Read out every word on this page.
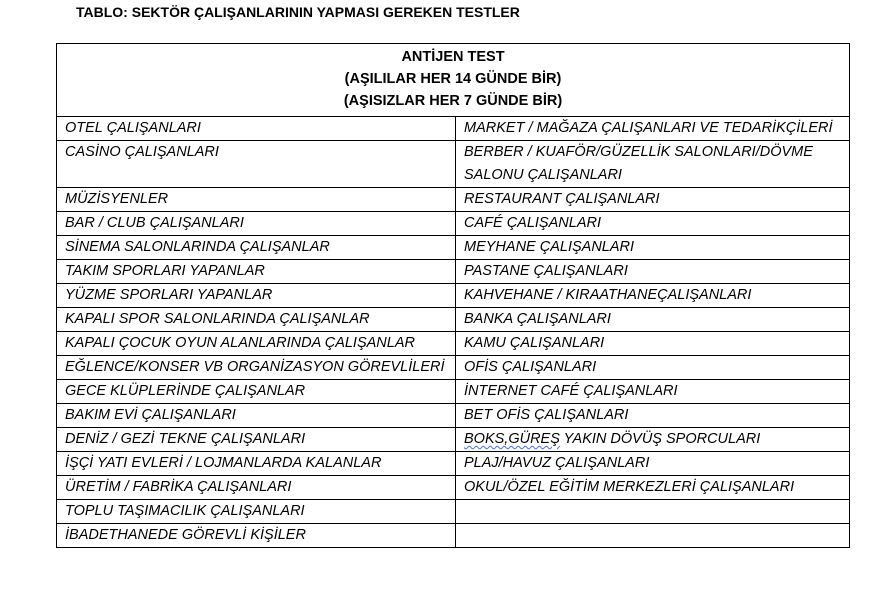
TABLO: SEKTÖR ÇALIŞANLARININ YAPMASI GEREKEN TESTLER
ANTİJEN TEST
(AŞILILAR HER 14 GÜNDE BİR)
(AŞISIZLAR HER 7 GÜNDE BİR)	

OTEL ÇALIŞANLARI	MARKET / MAĞAZA ÇALIŞANLARI VE TEDARİKÇİLERİ
CASİNO ÇALIŞANLARI	BERBER / KUAFÖR/GÜZELLİK SALONLARI/DÖVME SALONU ÇALIŞANLARI
MÜZİSYENLER	RESTAURANT ÇALIŞANLARI
BAR / CLUB ÇALIŞANLARI	CAFÉ ÇALIŞANLARI
SİNEMA SALONLARINDA ÇALIŞANLAR	MEYHANE ÇALIŞANLARI
TAKIM SPORLARI YAPANLAR	PASTANE ÇALIŞANLARI
YÜZME SPORLARI YAPANLAR	KAHVEHANE / KIRAATHANEÇALIŞANLARI
KAPALI SPOR SALONLARINDA ÇALIŞANLAR	BANKA ÇALIŞANLARI
KAPALI ÇOCUK OYUN ALANLARINDA ÇALIŞANLAR	KAMU ÇALIŞANLARI
EĞLENCE/KONSER VB ORGANİZASYON GÖREVLİLERİ	OFİS ÇALIŞANLARI
GECE KLÜPLERİNDE ÇALIŞANLAR	İNTERNET CAFÉ ÇALIŞANLARI
BAKIM EVİ ÇALIŞANLARI	BET OFİS ÇALIŞANLARI
DENİZ / GEZİ TEKNE ÇALIŞANLARI	BOKS,GÜREŞ YAKIN DÖVÜŞ SPORCULARI
İŞÇİ YATI EVLERİ / LOJMANLARDA KALANLAR	PLAJ/HAVUZ ÇALIŞANLARI
ÜRETİM / FABRİKA ÇALIŞANLARI	OKUL/ÖZEL EĞİTİM MERKEZLERİ ÇALIŞANLARI
TOPLU TAŞIMACILIK ÇALIŞANLARI	
İBADETHANEDE GÖREVLİ KİŞİLER	
